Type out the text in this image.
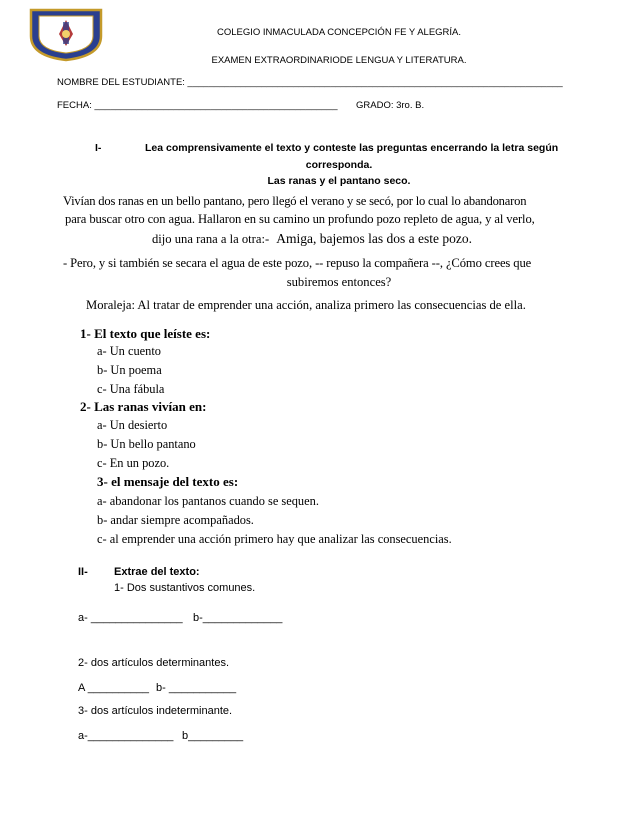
COLEGIO INMACULADA CONCEPCIÓN FE Y ALEGRÍA.
EXAMEN EXTRAORDINARIODE LENGUA Y LITERATURA.
NOMBRE DEL ESTUDIANTE: _______________________________________________________________________
FECHA: ______________________________________________ GRADO: 3ro. B.
I-	Lea comprensivamente el texto y conteste las preguntas encerrando la letra según
corresponda.
Las ranas y el pantano seco.
Vivían dos ranas en un bello pantano, pero llegó el verano y se secó, por lo cual lo abandonaron
para buscar otro con agua. Hallaron en su camino un profundo pozo repleto de agua, y al verlo,
dijo una rana a la otra:- Amiga, bajemos las dos a este pozo.
- Pero, y si también se secara el agua de este pozo, -- repuso la compañera --, ¿Cómo crees que
subiremos entonces?
Moraleja: Al tratar de emprender una acción, analiza primero las consecuencias de ella.
1- El texto que leíste es:
a- Un cuento
b- Un poema
c- Una fábula
2- Las ranas vivían en:
a- Un desierto
b- Un bello pantano
c- En un pozo.
3- el mensaje del texto es:
a- abandonar los pantanos cuando se sequen.
b- andar siempre acompañados.
c- al emprender una acción primero hay que analizar las consecuencias.
II- Extrae del texto:
1- Dos sustantivos comunes.
a- _______________ b-_____________
2- dos artículos determinantes.
A __________ b- ___________
3- dos artículos indeterminante.
a-______________ b_________
